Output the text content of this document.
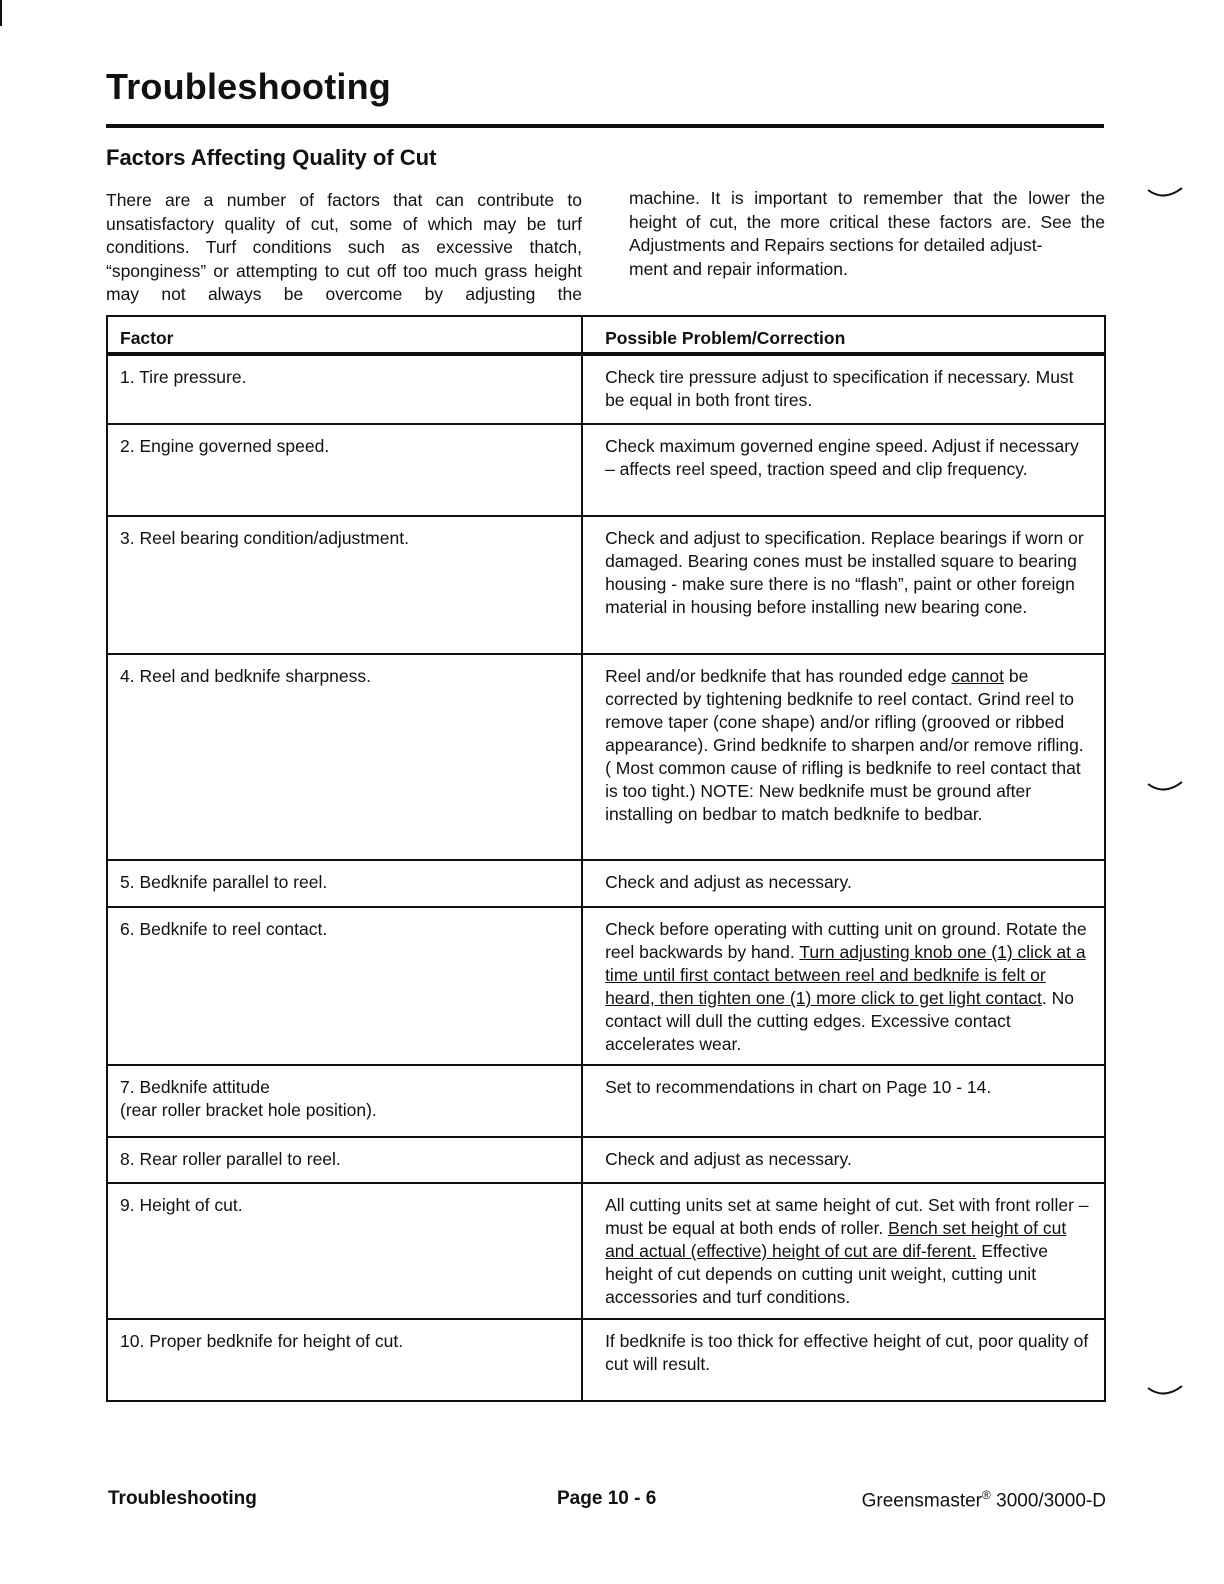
Troubleshooting
Factors Affecting Quality of Cut

There are a number of factors that can contribute to unsatisfactory quality of cut, some of which may be turf conditions. Turf conditions such as excessive thatch, “sponginess” or attempting to cut off too much grass height may not always be overcome by adjusting the

machine. It is important to remember that the lower the height of cut, the more critical these factors are. See the Adjustments and Repairs sections for detailed adjust-
ment and repair information.

Factor	Possible Problem/Correction
1. Tire pressure.	Check tire pressure adjust to specification if necessary. Must be equal in both front tires.
2. Engine governed speed.	Check maximum governed engine speed. Adjust if necessary – affects reel speed, traction speed and clip frequency.
3. Reel bearing condition/adjustment.	Check and adjust to specification. Replace bearings if worn or damaged. Bearing cones must be installed square to bearing housing - make sure there is no “flash”, paint or other foreign material in housing before installing new bearing cone.
4. Reel and bedknife sharpness.	Reel and/or bedknife that has rounded edge cannot be corrected by tightening bedknife to reel contact. Grind reel to remove taper (cone shape) and/or rifling (grooved or ribbed appearance). Grind bedknife to sharpen and/or remove rifling. ( Most common cause of rifling is bedknife to reel contact that is too tight.) NOTE: New bedknife must be ground after installing on bedbar to match bedknife to bedbar.
5. Bedknife parallel to reel.	Check and adjust as necessary.
6. Bedknife to reel contact.	Check before operating with cutting unit on ground. Rotate the reel backwards by hand. Turn adjusting knob one (1) click at a time until first contact between reel and bedknife is felt or heard, then tighten one (1) more click to get light contact. No contact will dull the cutting edges. Excessive contact accelerates wear.
7. Bedknife attitude
(rear roller bracket hole position).	Set to recommendations in chart on Page 10 - 14.
8. Rear roller parallel to reel.	Check and adjust as necessary.
9. Height of cut.	All cutting units set at same height of cut. Set with front roller – must be equal at both ends of roller. Bench set height of cut and actual (effective) height of cut are dif-ferent. Effective height of cut depends on cutting unit weight, cutting unit accessories and turf conditions.
10. Proper bedknife for height of cut.	If bedknife is too thick for effective height of cut, poor quality of cut will result.
Troubleshooting	Page 10 - 6	Greensmaster® 3000/3000-D
